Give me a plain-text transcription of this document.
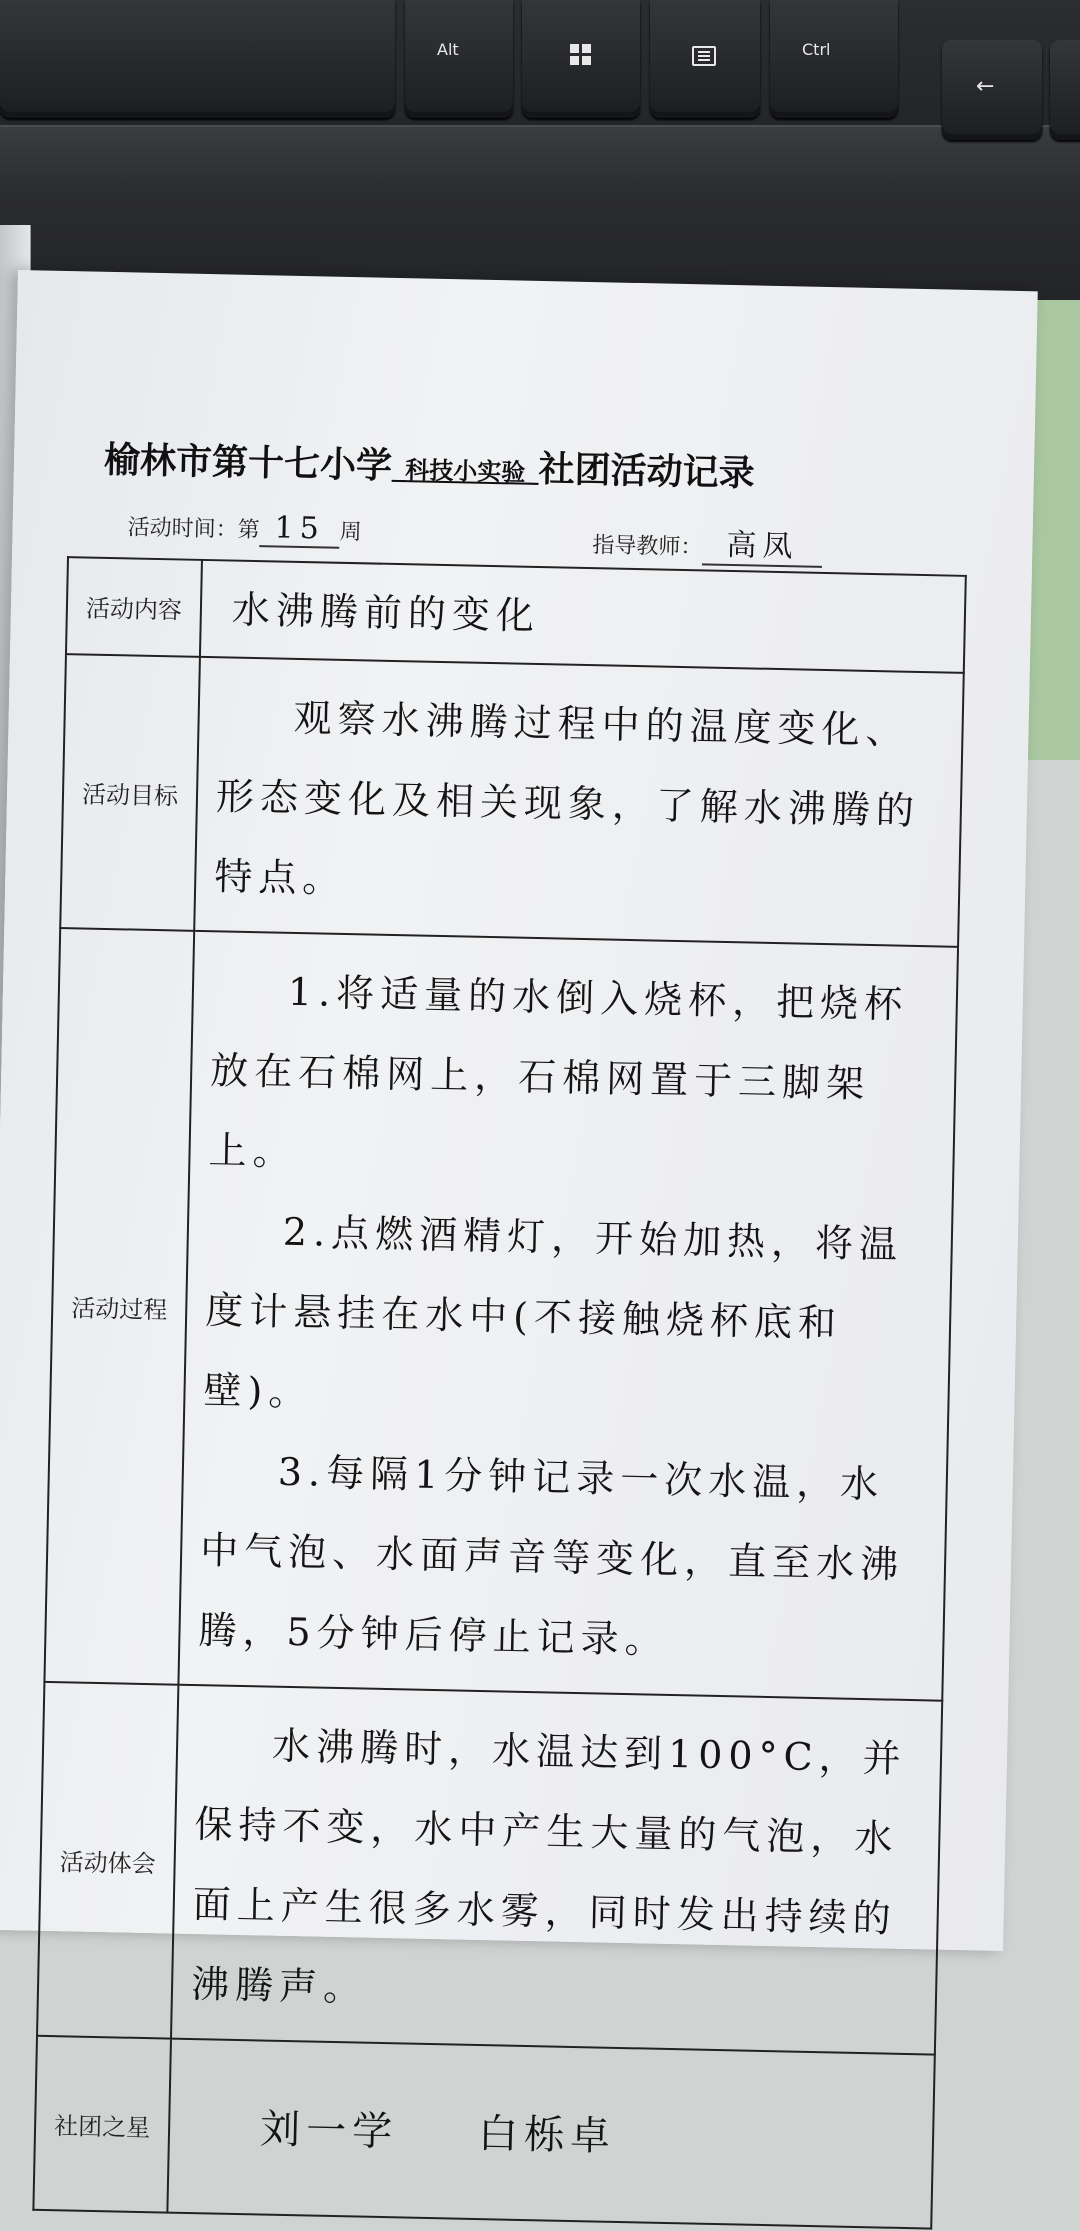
Alt	Ctrl
←
榆林市第十七小学_科技小实验_社团活动记录
活动时间：第 15 周
指导教师： 高凤
活动内容	水沸腾前的变化
活动目标	观察水沸腾过程中的温度变化、形态变化及相关现象，了解水沸腾的特点。

活动过程	1.将适量的水倒入烧杯，把烧杯放在石棉网上，石棉网置于三脚架上。

2.点燃酒精灯，开始加热，将温度计悬挂在水中(不接触烧杯底和壁)。

3.每隔1分钟记录一次水温，水中气泡、水面声音等变化，直至水沸腾，5分钟后停止记录。

活动体会	水沸腾时，水温达到100°C，并保持不变，水中产生大量的气泡，水面上产生很多水雾，同时发出持续的沸腾声。

社团之星	刘一学 白栎卓
